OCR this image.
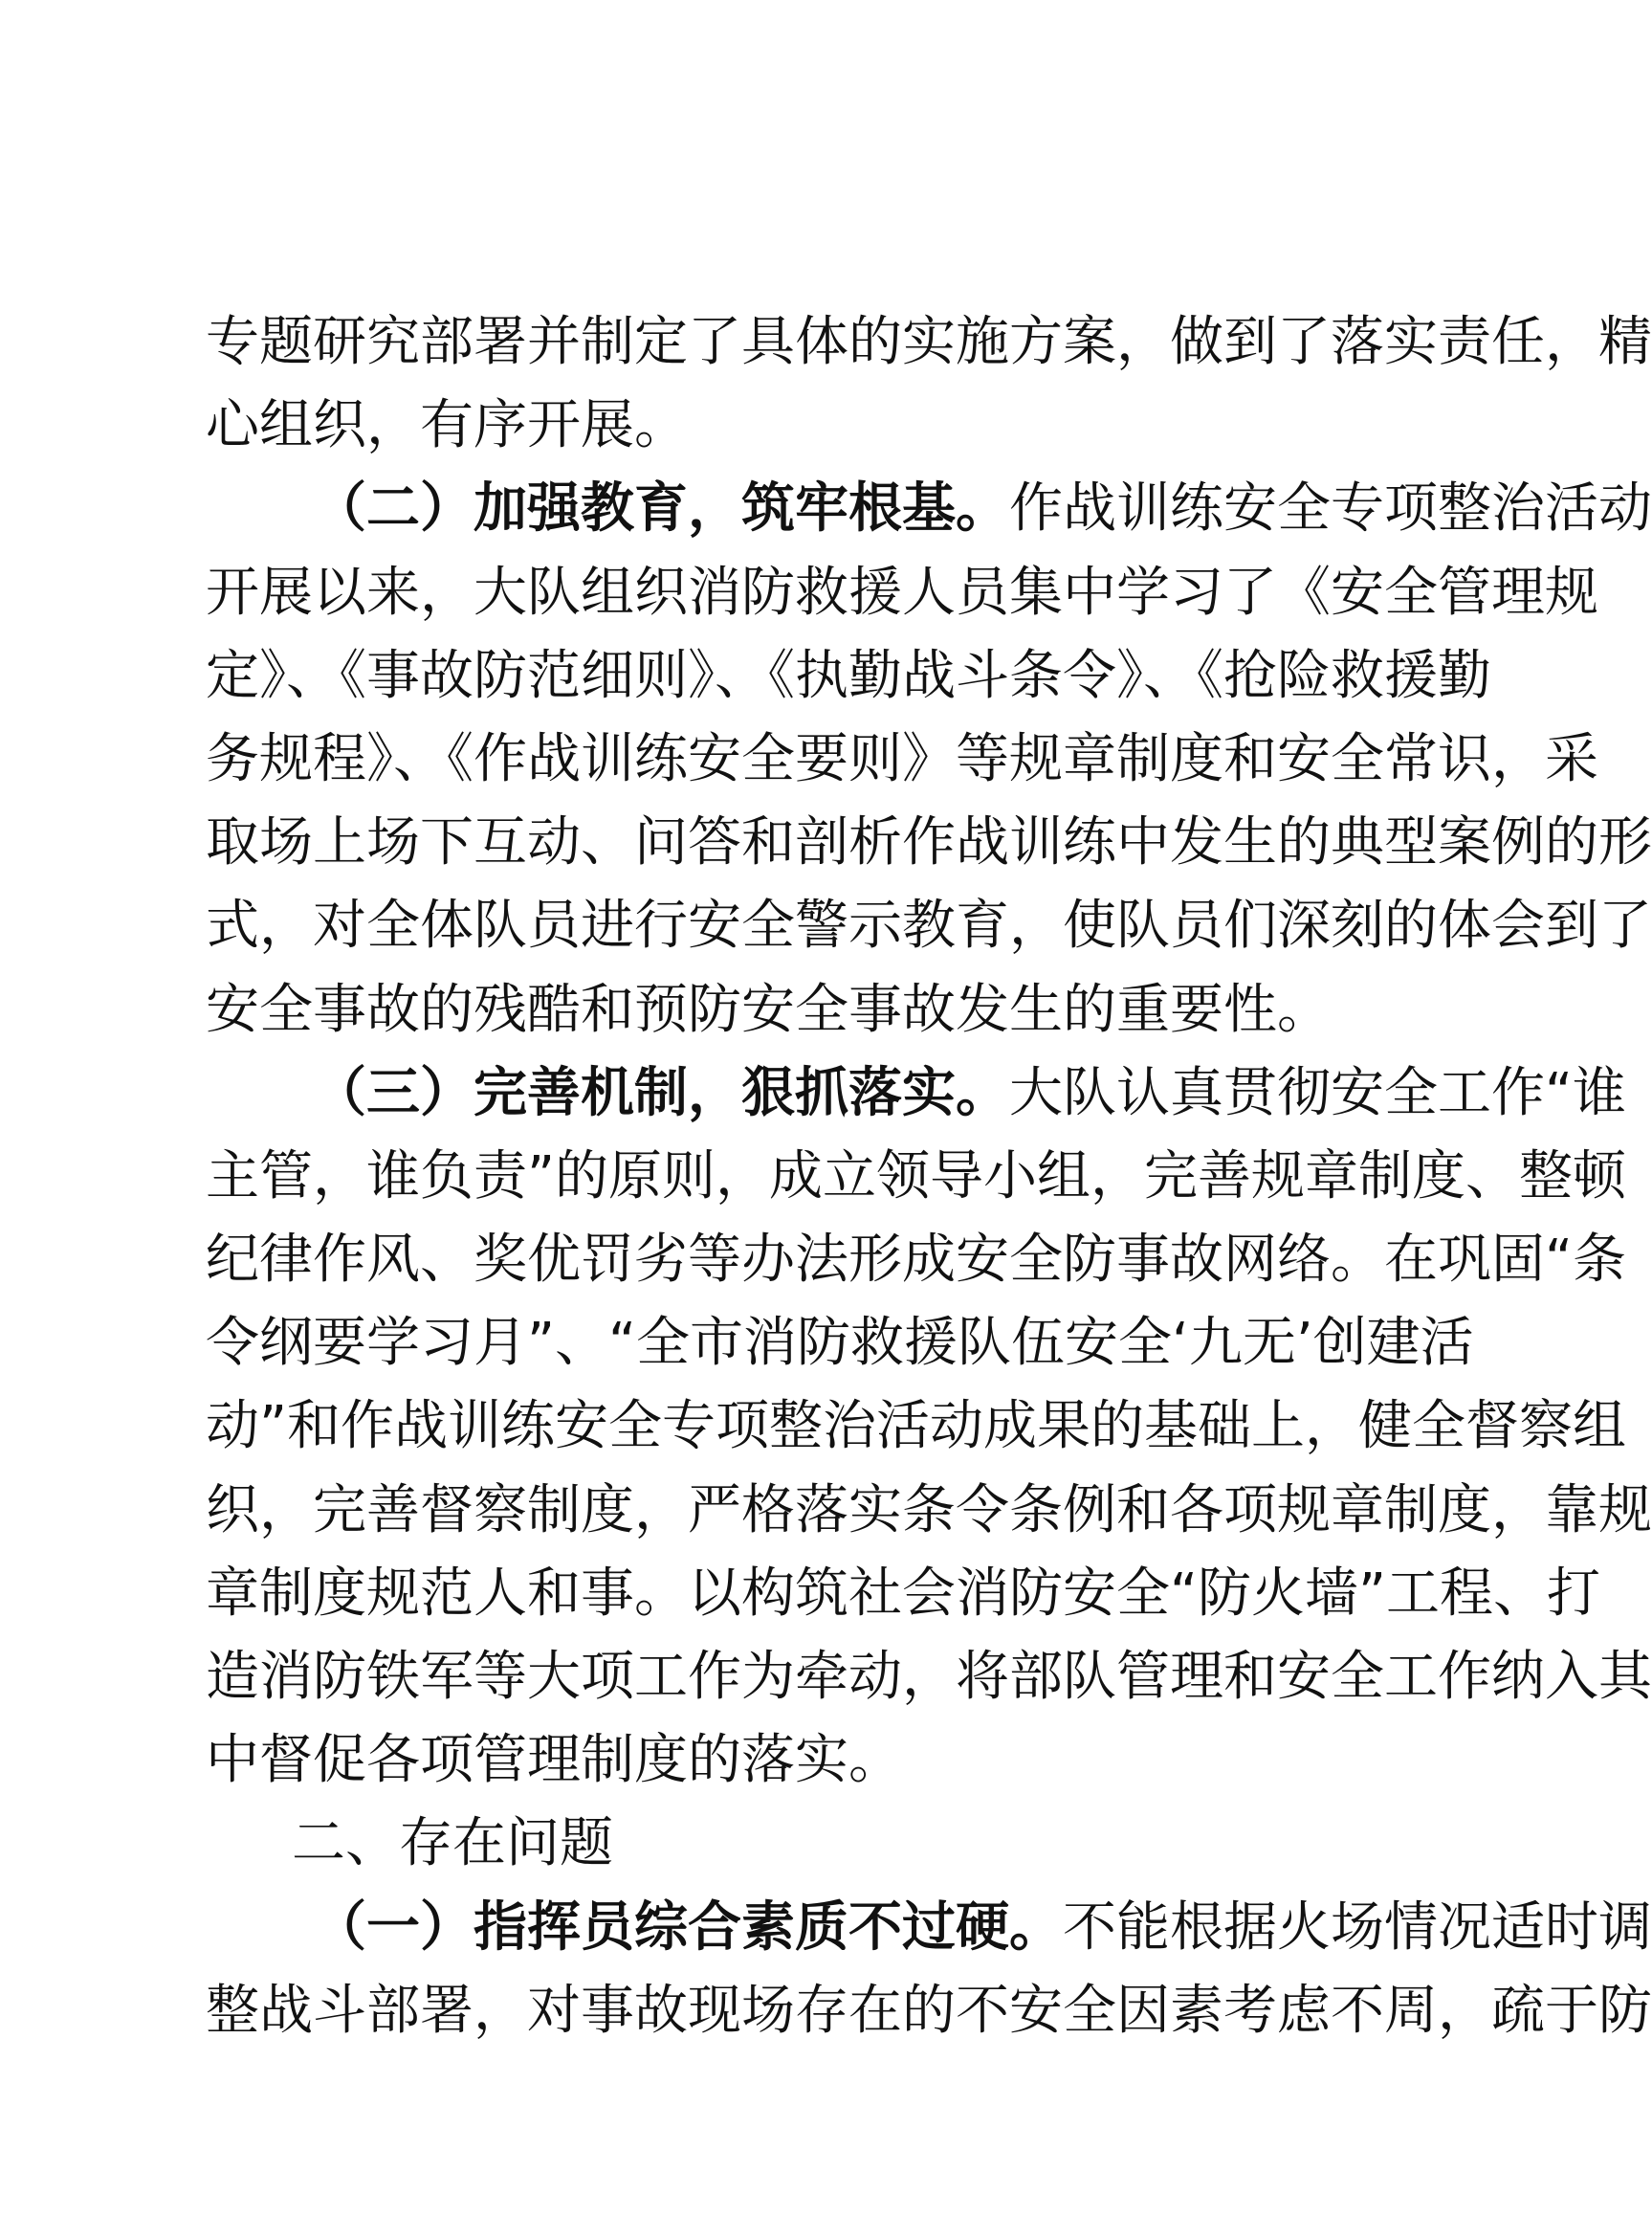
专题研究部署并制定了具体的实施方案，做到了落实责任，精
心组织，有序开展。
（二）加强教育，筑牢根基。作战训练安全专项整治活动
开展以来，大队组织消防救援人员集中学习了《安全管理规
定》、《事故防范细则》、《执勤战斗条令》、《抢险救援勤
务规程》、《作战训练安全要则》等规章制度和安全常识，采
取场上场下互动、问答和剖析作战训练中发生的典型案例的形
式，对全体队员进行安全警示教育，使队员们深刻的体会到了
安全事故的残酷和预防安全事故发生的重要性。
（三）完善机制，狠抓落实。大队认真贯彻安全工作“谁
主管，谁负责”的原则，成立领导小组，完善规章制度、整顿
纪律作风、奖优罚劣等办法形成安全防事故网络。在巩固“条
令纲要学习月”、“全市消防救援队伍安全‘九无’创建活
动”和作战训练安全专项整治活动成果的基础上，健全督察组
织，完善督察制度，严格落实条令条例和各项规章制度，靠规
章制度规范人和事。以构筑社会消防安全“防火墙”工程、打
造消防铁军等大项工作为牵动，将部队管理和安全工作纳入其
中督促各项管理制度的落实。
二、存在问题
（一）指挥员综合素质不过硬。不能根据火场情况适时调
整战斗部署，对事故现场存在的不安全因素考虑不周，疏于防
